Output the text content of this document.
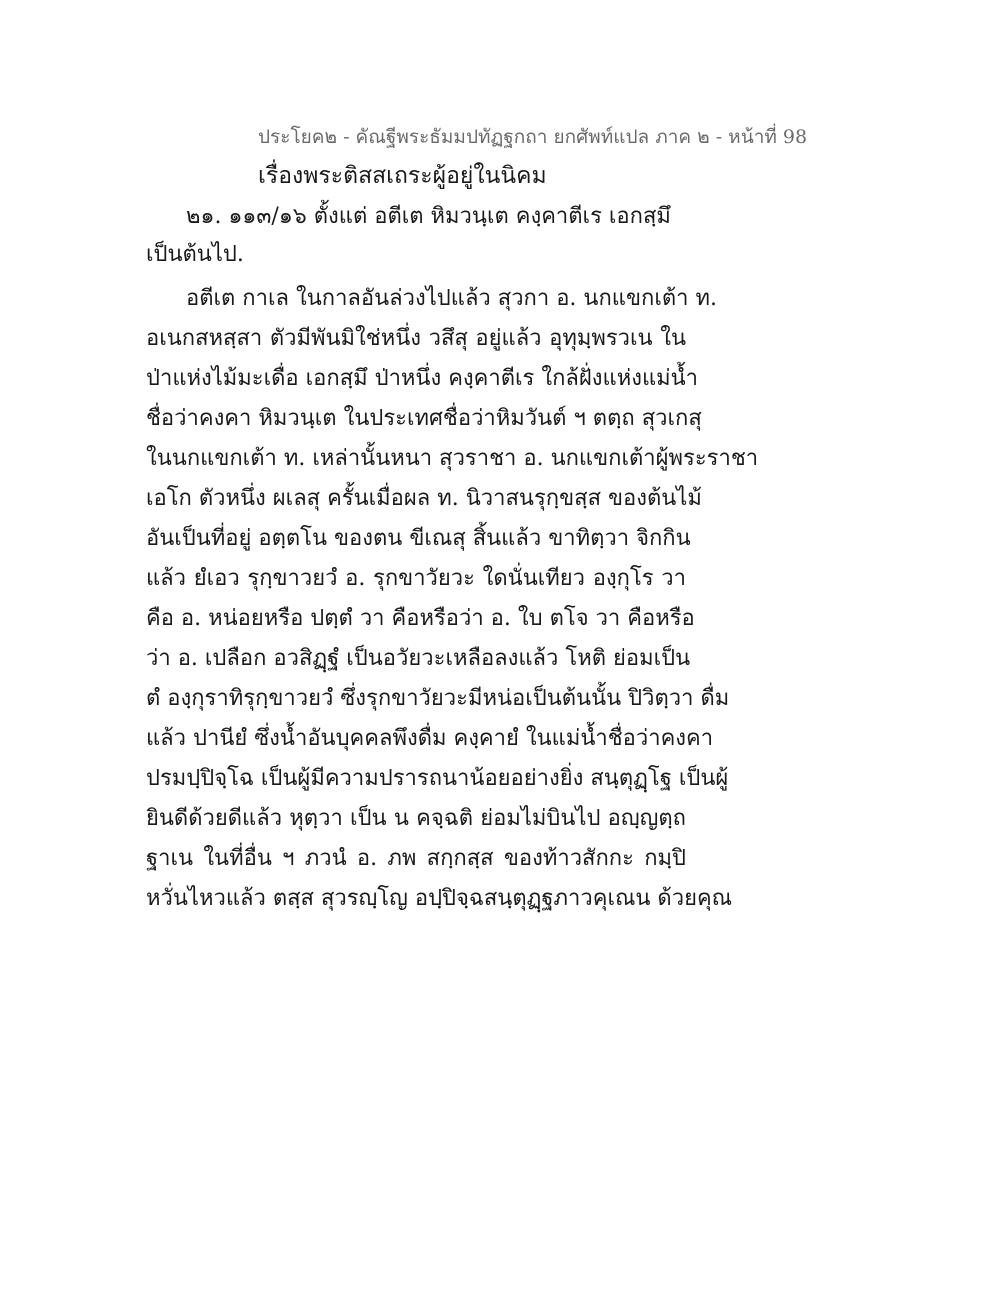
ประโยค๒ - คัณฐีพระธัมมปทัฏฐกถา ยกศัพท์แปล ภาค ๒ - หน้าที่ 98
เรื่องพระติสสเถระผู้อยู่ในนิคม
๒๑. ๑๑๓/๑๖ ตั้งแต่ อตีเต หิมวนฺเต คงฺคาตีเร เอกสฺมึ
เป็นต้นไป.
อตีเต กาเล ในกาลอันล่วงไปแล้ว สุวกา อ. นกแขกเต้า ท.
อเนกสหสฺสา ตัวมีพันมิใช่หนึ่ง วสึสุ อยู่แล้ว อุทุมฺพรวเน ใน
ป่าแห่งไม้มะเดื่อ เอกสฺมึ ป่าหนึ่ง คงฺคาตีเร ใกล้ฝั่งแห่งแม่น้ำ
ชื่อว่าคงคา หิมวนฺเต ในประเทศชื่อว่าหิมวันต์ ฯ ตตฺถ สุวเกสุ
ในนกแขกเต้า ท. เหล่านั้นหนา สุวราชา อ. นกแขกเต้าผู้พระราชา
เอโก ตัวหนึ่ง ผเลสุ ครั้นเมื่อผล ท. นิวาสนรุกฺขสฺส ของต้นไม้
อันเป็นที่อยู่ อตฺตโน ของตน ขีเณสุ สิ้นแล้ว ขาทิตฺวา จิกกิน
แล้ว ยํเอว รุกฺขาวยวํ อ. รุกขาวัยวะ ใดนั่นเทียว องฺกุโร วา
คือ อ. หน่อยหรือ ปตฺตํ วา คือหรือว่า อ. ใบ ตโจ วา คือหรือ
ว่า อ. เปลือก อวสิฏฺฐํ เป็นอวัยวะเหลือลงแล้ว โหติ ย่อมเป็น
ตํ องฺกุราทิรุกฺขาวยวํ ซึ่งรุกขาวัยวะมีหน่อเป็นต้นนั้น ปิวิตฺวา ดื่ม
แล้ว ปานียํ ซึ่งน้ำอันบุคคลพึงดื่ม คงฺคายํ ในแม่น้ำชื่อว่าคงคา
ปรมปฺปิจฺโฉ เป็นผู้มีความปรารถนาน้อยอย่างยิ่ง สนฺตุฏฺโฐ เป็นผู้
ยินดีด้วยดีแล้ว หุตฺวา เป็น น คจฺฉติ ย่อมไม่บินไป อญฺญตฺถ
ฐาเน ในที่อื่น ฯ ภวนํ อ. ภพ สกฺกสฺส ของท้าวสักกะ กมฺปิ
หวั่นไหวแล้ว ตสฺส สุวรญฺโญ อปฺปิจฺฉสนฺตุฏฺฐภาวคุเณน ด้วยคุณ
